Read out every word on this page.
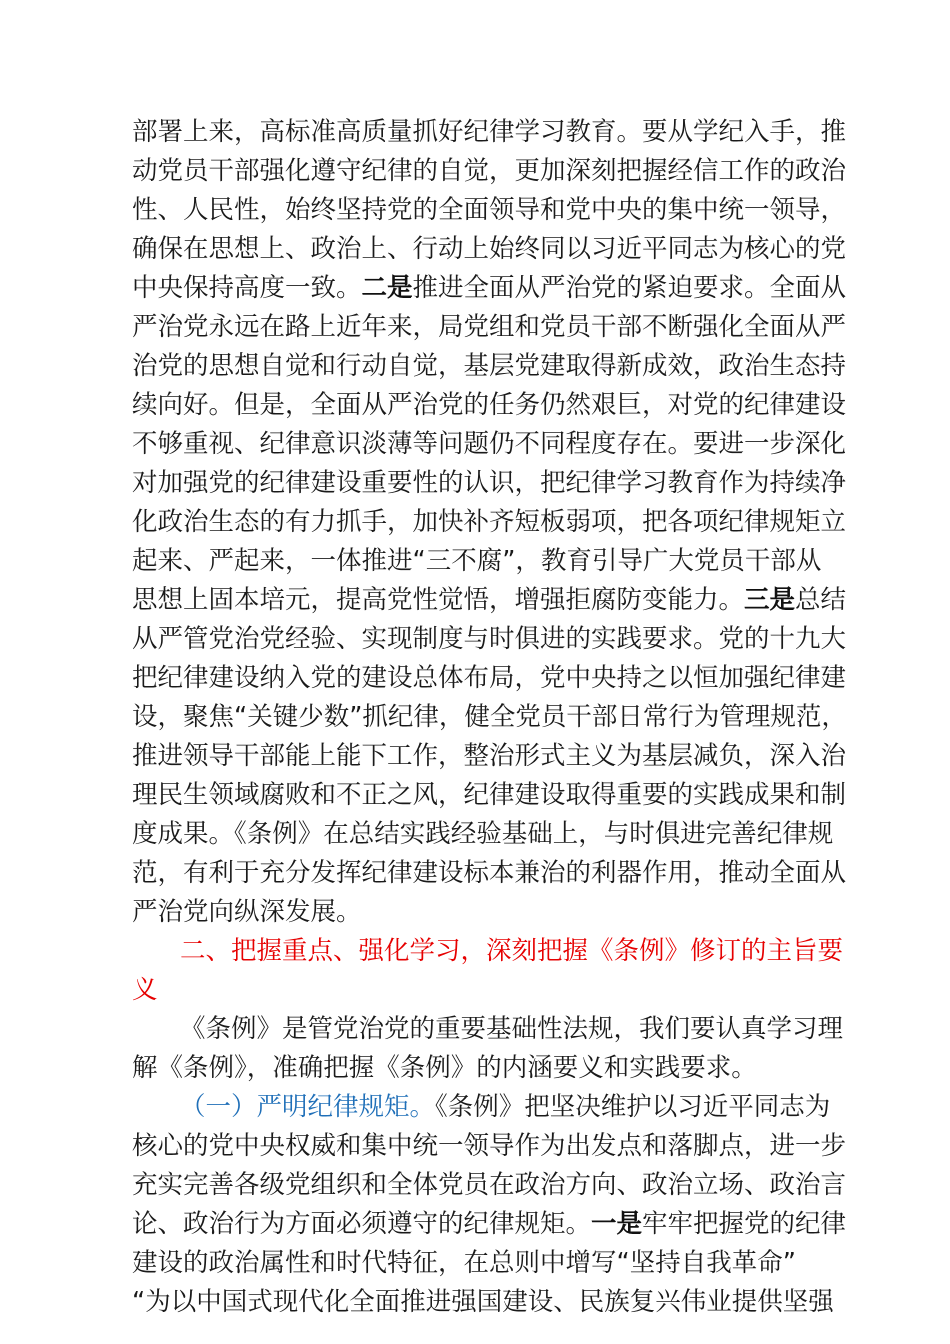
部署上来，高标准高质量抓好纪律学习教育。要从学纪入手，推
动党员干部强化遵守纪律的自觉，更加深刻把握经信工作的政治
性、人民性，始终坚持党的全面领导和党中央的集中统一领导，
确保在思想上、政治上、行动上始终同以习近平同志为核心的党
中央保持高度一致。二是推进全面从严治党的紧迫要求。全面从
严治党永远在路上近年来，局党组和党员干部不断强化全面从严
治党的思想自觉和行动自觉，基层党建取得新成效，政治生态持
续向好。但是，全面从严治党的任务仍然艰巨，对党的纪律建设
不够重视、纪律意识淡薄等问题仍不同程度存在。要进一步深化
对加强党的纪律建设重要性的认识，把纪律学习教育作为持续净
化政治生态的有力抓手，加快补齐短板弱项，把各项纪律规矩立
起来、严起来，一体推进“三不腐”，教育引导广大党员干部从
思想上固本培元，提高党性觉悟，增强拒腐防变能力。三是总结
从严管党治党经验、实现制度与时俱进的实践要求。党的十九大
把纪律建设纳入党的建设总体布局，党中央持之以恒加强纪律建
设，聚焦“关键少数”抓纪律，健全党员干部日常行为管理规范，
推进领导干部能上能下工作，整治形式主义为基层减负，深入治
理民生领域腐败和不正之风，纪律建设取得重要的实践成果和制
度成果。《条例》在总结实践经验基础上，与时俱进完善纪律规
范，有利于充分发挥纪律建设标本兼治的利器作用，推动全面从
严治党向纵深发展。
二、把握重点、强化学习，深刻把握《条例》修订的主旨要
义
《条例》是管党治党的重要基础性法规，我们要认真学习理
解《条例》，准确把握《条例》的内涵要义和实践要求。
（一）严明纪律规矩。《条例》把坚决维护以习近平同志为
核心的党中央权威和集中统一领导作为出发点和落脚点，进一步
充实完善各级党组织和全体党员在政治方向、政治立场、政治言
论、政治行为方面必须遵守的纪律规矩。一是牢牢把握党的纪律
建设的政治属性和时代特征，在总则中增写“坚持自我革命”
“为以中国式现代化全面推进强国建设、民族复兴伟业提供坚强
